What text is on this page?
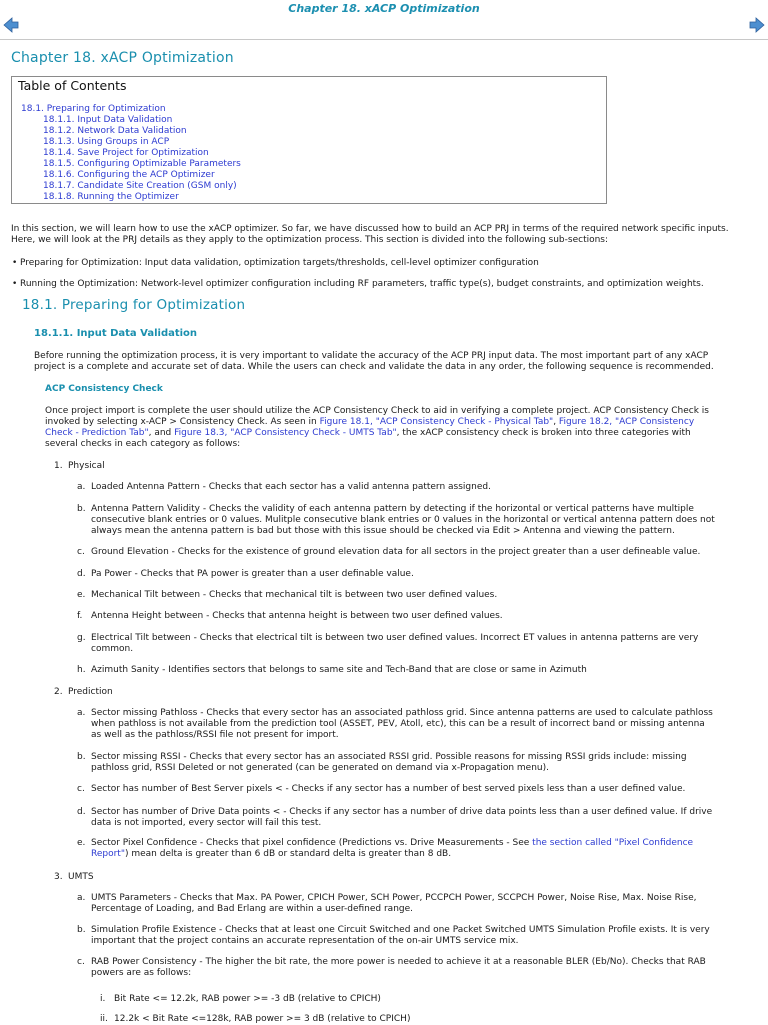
Chapter 18. xACP Optimization
Chapter 18. xACP Optimization
Table of Contents
18.1. Preparing for Optimization
18.1.1. Input Data Validation
18.1.2. Network Data Validation
18.1.3. Using Groups in ACP
18.1.4. Save Project for Optimization
18.1.5. Configuring Optimizable Parameters
18.1.6. Configuring the ACP Optimizer
18.1.7. Candidate Site Creation (GSM only)
18.1.8. Running the Optimizer
In this section, we will learn how to use the xACP optimizer. So far, we have discussed how to build an ACP PRJ in terms of the required network specific inputs.
Here, we will look at the PRJ details as they apply to the optimization process. This section is divided into the following sub-sections:
• Preparing for Optimization: Input data validation, optimization targets/thresholds, cell-level optimizer configuration
• Running the Optimization: Network-level optimizer configuration including RF parameters, traffic type(s), budget constraints, and optimization weights.
18.1. Preparing for Optimization
18.1.1. Input Data Validation
Before running the optimization process, it is very important to validate the accuracy of the ACP PRJ input data. The most important part of any xACP
project is a complete and accurate set of data. While the users can check and validate the data in any order, the following sequence is recommended.
ACP Consistency Check
Once project import is complete the user should utilize the ACP Consistency Check to aid in verifying a complete project. ACP Consistency Check is
invoked by selecting x-ACP > Consistency Check. As seen in Figure 18.1, "ACP Consistency Check - Physical Tab", Figure 18.2, "ACP Consistency
Check - Prediction Tab", and Figure 18.3, "ACP Consistency Check - UMTS Tab", the xACP consistency check is broken into three categories with
several checks in each category as follows:
1. Physical
a. Loaded Antenna Pattern - Checks that each sector has a valid antenna pattern assigned.
b. Antenna Pattern Validity - Checks the validity of each antenna pattern by detecting if the horizontal or vertical patterns have multiple
consecutive blank entries or 0 values. Mulitple consecutive blank entries or 0 values in the horizontal or vertical antenna pattern does not
always mean the antenna pattern is bad but those with this issue should be checked via Edit > Antenna and viewing the pattern.
c. Ground Elevation - Checks for the existence of ground elevation data for all sectors in the project greater than a user defineable value.
d. Pa Power - Checks that PA power is greater than a user definable value.
e. Mechanical Tilt between - Checks that mechanical tilt is between two user defined values.
f. Antenna Height between - Checks that antenna height is between two user defined values.
g. Electrical Tilt between - Checks that electrical tilt is between two user defined values. Incorrect ET values in antenna patterns are very
common.
h. Azimuth Sanity - Identifies sectors that belongs to same site and Tech-Band that are close or same in Azimuth
2. Prediction
a. Sector missing Pathloss - Checks that every sector has an associated pathloss grid. Since antenna patterns are used to calculate pathloss
when pathloss is not available from the prediction tool (ASSET, PEV, Atoll, etc), this can be a result of incorrect band or missing antenna
as well as the pathloss/RSSI file not present for import.
b. Sector missing RSSI - Checks that every sector has an associated RSSI grid. Possible reasons for missing RSSI grids include: missing
pathloss grid, RSSI Deleted or not generated (can be generated on demand via x-Propagation menu).
c. Sector has number of Best Server pixels < - Checks if any sector has a number of best served pixels less than a user defined value.
d. Sector has number of Drive Data points < - Checks if any sector has a number of drive data points less than a user defined value. If drive
data is not imported, every sector will fail this test.
e. Sector Pixel Confidence - Checks that pixel confidence (Predictions vs. Drive Measurements - See the section called "Pixel Confidence
Report") mean delta is greater than 6 dB or standard delta is greater than 8 dB.
3. UMTS
a. UMTS Parameters - Checks that Max. PA Power, CPICH Power, SCH Power, PCCPCH Power, SCCPCH Power, Noise Rise, Max. Noise Rise,
Percentage of Loading, and Bad Erlang are within a user-defined range.
b. Simulation Profile Existence - Checks that at least one Circuit Switched and one Packet Switched UMTS Simulation Profile exists. It is very
important that the project contains an accurate representation of the on-air UMTS service mix.
c. RAB Power Consistency - The higher the bit rate, the more power is needed to achieve it at a reasonable BLER (Eb/No). Checks that RAB
powers are as follows:
i. Bit Rate <= 12.2k, RAB power >= -3 dB (relative to CPICH)
ii. 12.2k < Bit Rate <=128k, RAB power >= 3 dB (relative to CPICH)
